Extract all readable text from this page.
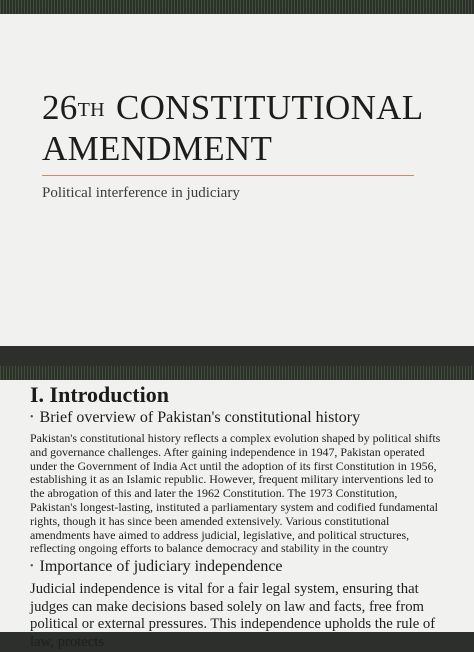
26TH CONSTITUTIONAL
AMENDMENT

Political interference in judiciary

I. Introduction
• Brief overview of Pakistan's constitutional history

Pakistan's constitutional history reflects a complex evolution shaped by political shifts and governance challenges. After gaining independence in 1947, Pakistan operated under the Government of India Act until the adoption of its first Constitution in 1956, establishing it as an Islamic republic. However, frequent military interventions led to the abrogation of this and later the 1962 Constitution. The 1973 Constitution, Pakistan's longest-lasting, instituted a parliamentary system and codified fundamental rights, though it has since been amended extensively. Various constitutional amendments have aimed to address judicial, legislative, and political structures, reflecting ongoing efforts to balance democracy and stability in the country

• Importance of judiciary independence

Judicial independence is vital for a fair legal system, ensuring that judges can make decisions based solely on law and facts, free from political or external pressures. This independence upholds the rule of law, protects
